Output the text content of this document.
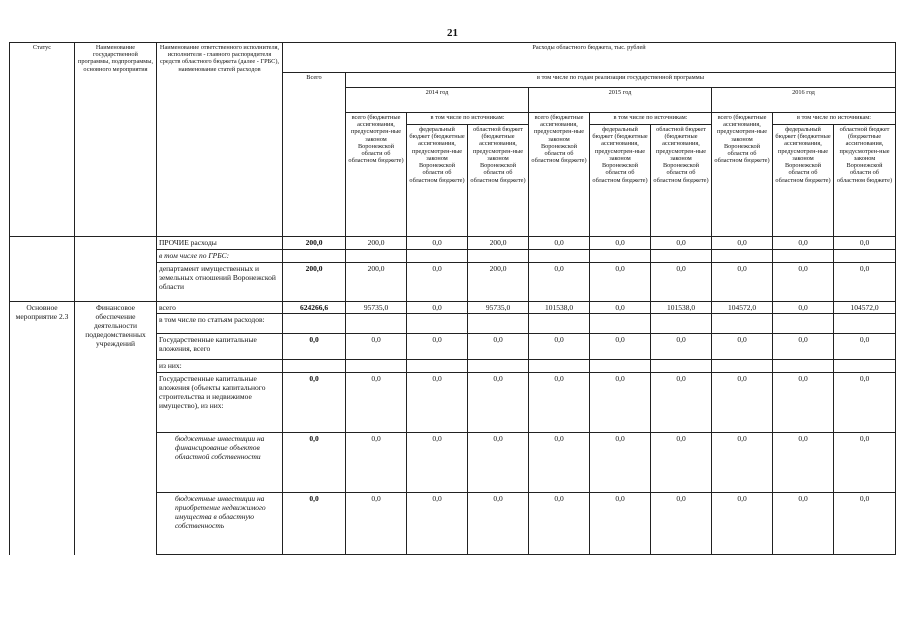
21
Статус	Наименование государственной программы, подпрограммы, основного мероприятия	Наименование ответственного исполнителя, исполнителя - главного распорядителя средств областного бюджета (далее - ГРБС), наименование статей расходов	Расходы областного бюджета, тыс. рублей									
			Всего	в том числе по годам реализации государственной программы								
				2014 год			2015 год			2016 год		
				всего (бюджетные ассигнования, предусмотрен-ные законом Воронежской области об областном бюджете)	в том числе по источникам:		всего (бюджетные ассигнования, предусмотрен-ные законом Воронежской области об областном бюджете)	в том числе по источникам:		всего (бюджетные ассигнования, предусмотрен-ные законом Воронежской области об областном бюджете)	в том числе по источникам:	
					федеральный бюджет (бюджетные ассигнования, предусмотрен-ные законом Воронежской области об областном бюджете)	областной бюджет (бюджетные ассигнования, предусмотрен-ные законом Воронежской области об областном бюджете)		федеральный бюджет (бюджетные ассигнования, предусмотрен-ные законом Воронежской области об областном бюджете)	областной бюджет (бюджетные ассигнования, предусмотрен-ные законом Воронежской области об областном бюджете)		федеральный бюджет (бюджетные ассигнования, предусмотрен-ные законом Воронежской области об областном бюджете)	областной бюджет (бюджетные ассигнования, предусмотрен-ные законом Воронежской области об областном бюджете)
		ПРОЧИЕ расходы	200,0	200,0	0,0	200,0	0,0	0,0	0,0	0,0	0,0	0,0
		в том числе по ГРБС:										
		департамент имущественных и земельных отношений Воронежской области	200,0	200,0	0,0	200,0	0,0	0,0	0,0	0,0	0,0	0,0
Основное мероприятие 2.3	Финансовое обеспечение деятельности подведомственных учреждений	всего	624266,6	95735,0	0,0	95735,0	101538,0	0,0	101538,0	104572,0	0,0	104572,0
		в том числе по статьям расходов:										
		Государственные капитальные вложения, всего	0,0	0,0	0,0	0,0	0,0	0,0	0,0	0,0	0,0	0,0
		из них:										
		Государственные капитальные вложения (объекты капитального строительства и недвижимое имущество), из них:	0,0	0,0	0,0	0,0	0,0	0,0	0,0	0,0	0,0	0,0
		бюджетные инвестиции на финансирование объектов областной собственности	0,0	0,0	0,0	0,0	0,0	0,0	0,0	0,0	0,0	0,0
		бюджетные инвестиции на приобретение недвижимого имущества в областную собственность	0,0	0,0	0,0	0,0	0,0	0,0	0,0	0,0	0,0	0,0
